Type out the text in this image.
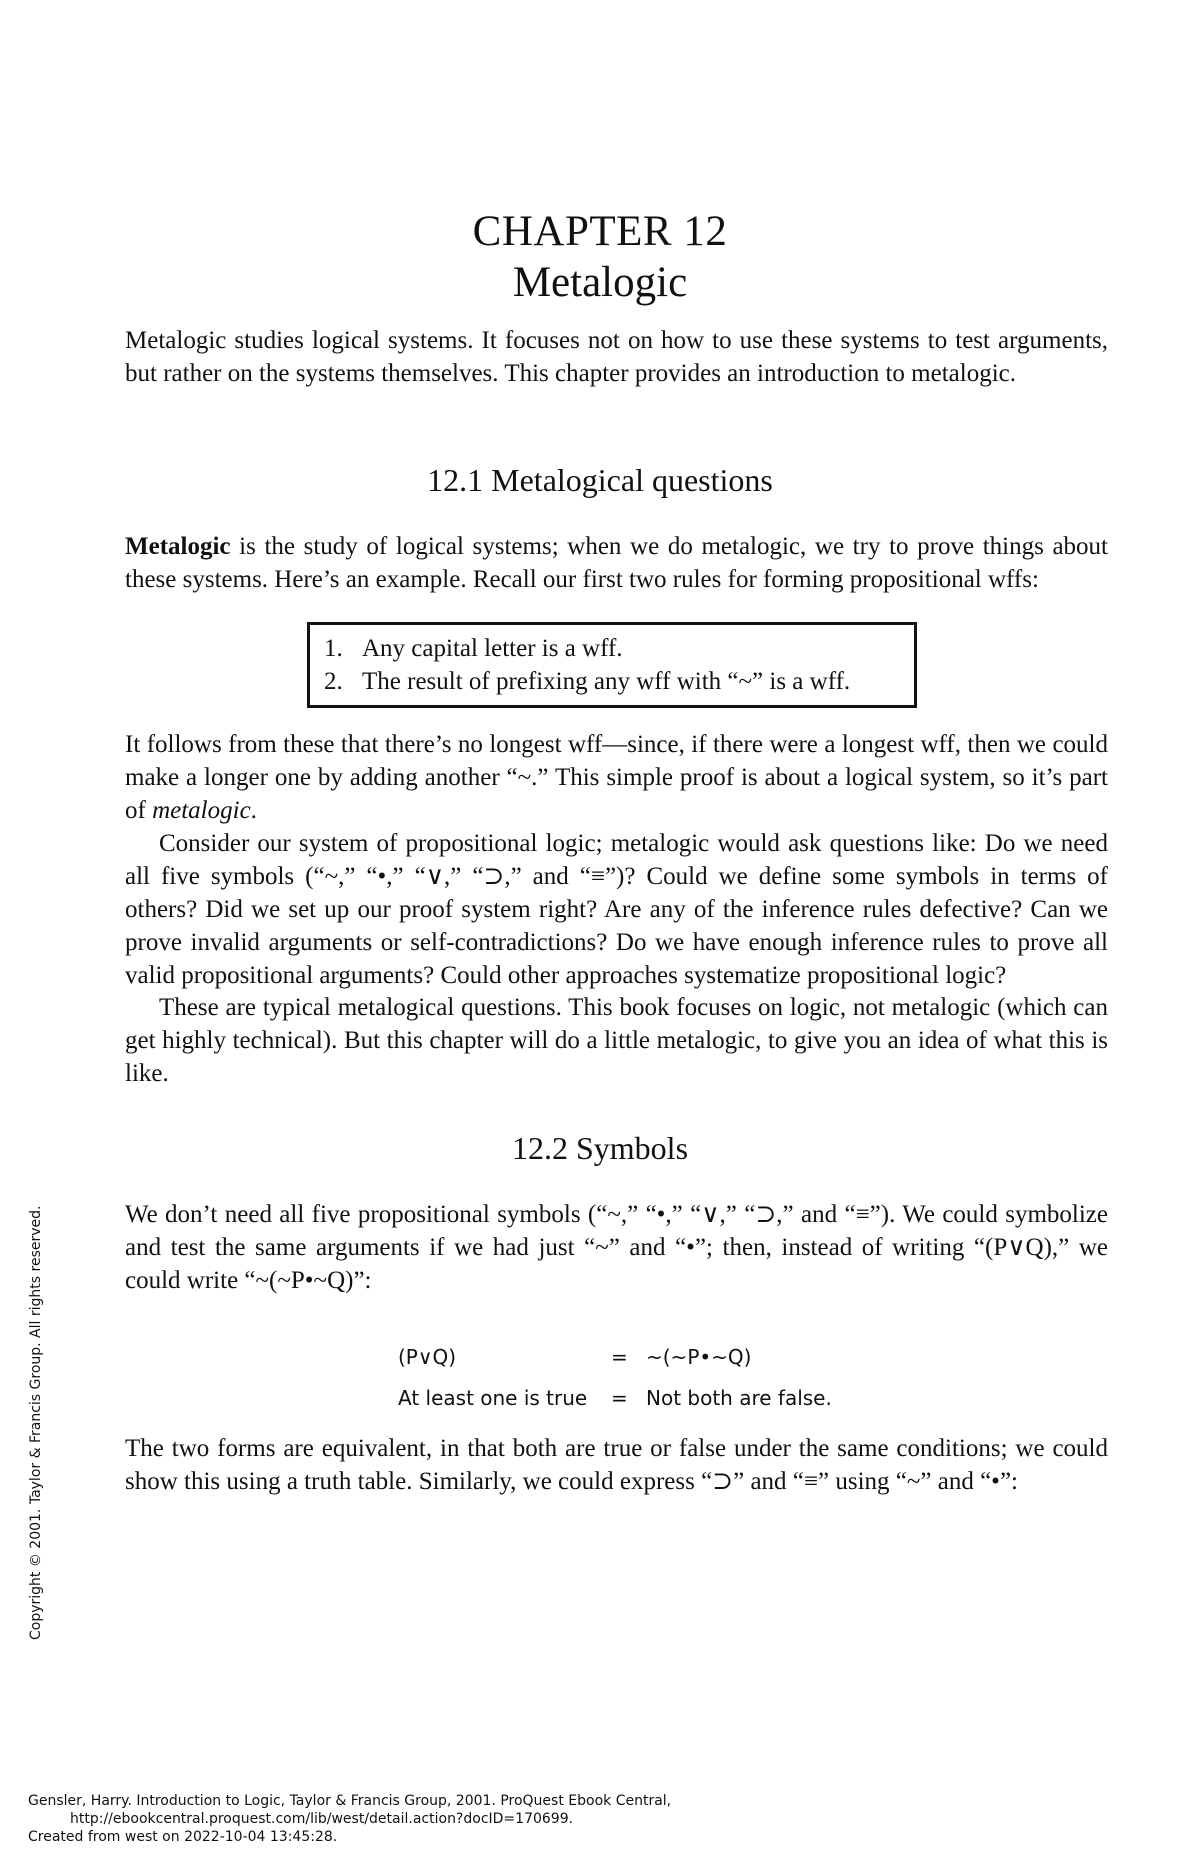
CHAPTER 12
Metalogic

Metalogic studies logical systems. It focuses not on how to use these systems to test arguments, but rather on the systems themselves. This chapter provides an introduction to metalogic.

12.1 Metalogical questions

Metalogic is the study of logical systems; when we do metalogic, we try to prove things about these systems. Here’s an example. Recall our first two rules for forming propositional wffs:

1. Any capital letter is a wff.
2. The result of prefixing any wff with “~” is a wff.

It follows from these that there’s no longest wff—since, if there were a longest wff, then we could make a longer one by adding another “~.” This simple proof is about a logical system, so it’s part of metalogic.

Consider our system of propositional logic; metalogic would ask questions like: Do we need all five symbols (“~,” “•,” “∨,” “⊃,” and “≡”)? Could we define some symbols in terms of others? Did we set up our proof system right? Are any of the inference rules defective? Can we prove invalid arguments or self-contradictions? Do we have enough inference rules to prove all valid propositional arguments? Could other approaches systematize propositional logic?

These are typical metalogical questions. This book focuses on logic, not metalogic (which can get highly technical). But this chapter will do a little metalogic, to give you an idea of what this is like.

12.2 Symbols

We don’t need all five propositional symbols (“~,” “•,” “∨,” “⊃,” and “≡”). We could symbolize and test the same arguments if we had just “~” and “•”; then, instead of writing “(P∨Q),” we could write “~(~P•~Q)”:

(P∨Q)	= ~(~P•~Q)
At least one is true	= Not both are false.

The two forms are equivalent, in that both are true or false under the same conditions; we could show this using a truth table. Similarly, we could express “⊃” and “≡” using “~” and “•”:

Copyright © 2001. Taylor & Francis Group. All rights reserved.
Gensler, Harry. Introduction to Logic, Taylor & Francis Group, 2001. ProQuest Ebook Central,
http://ebookcentral.proquest.com/lib/west/detail.action?docID=170699.
Created from west on 2022-10-04 13:45:28.
